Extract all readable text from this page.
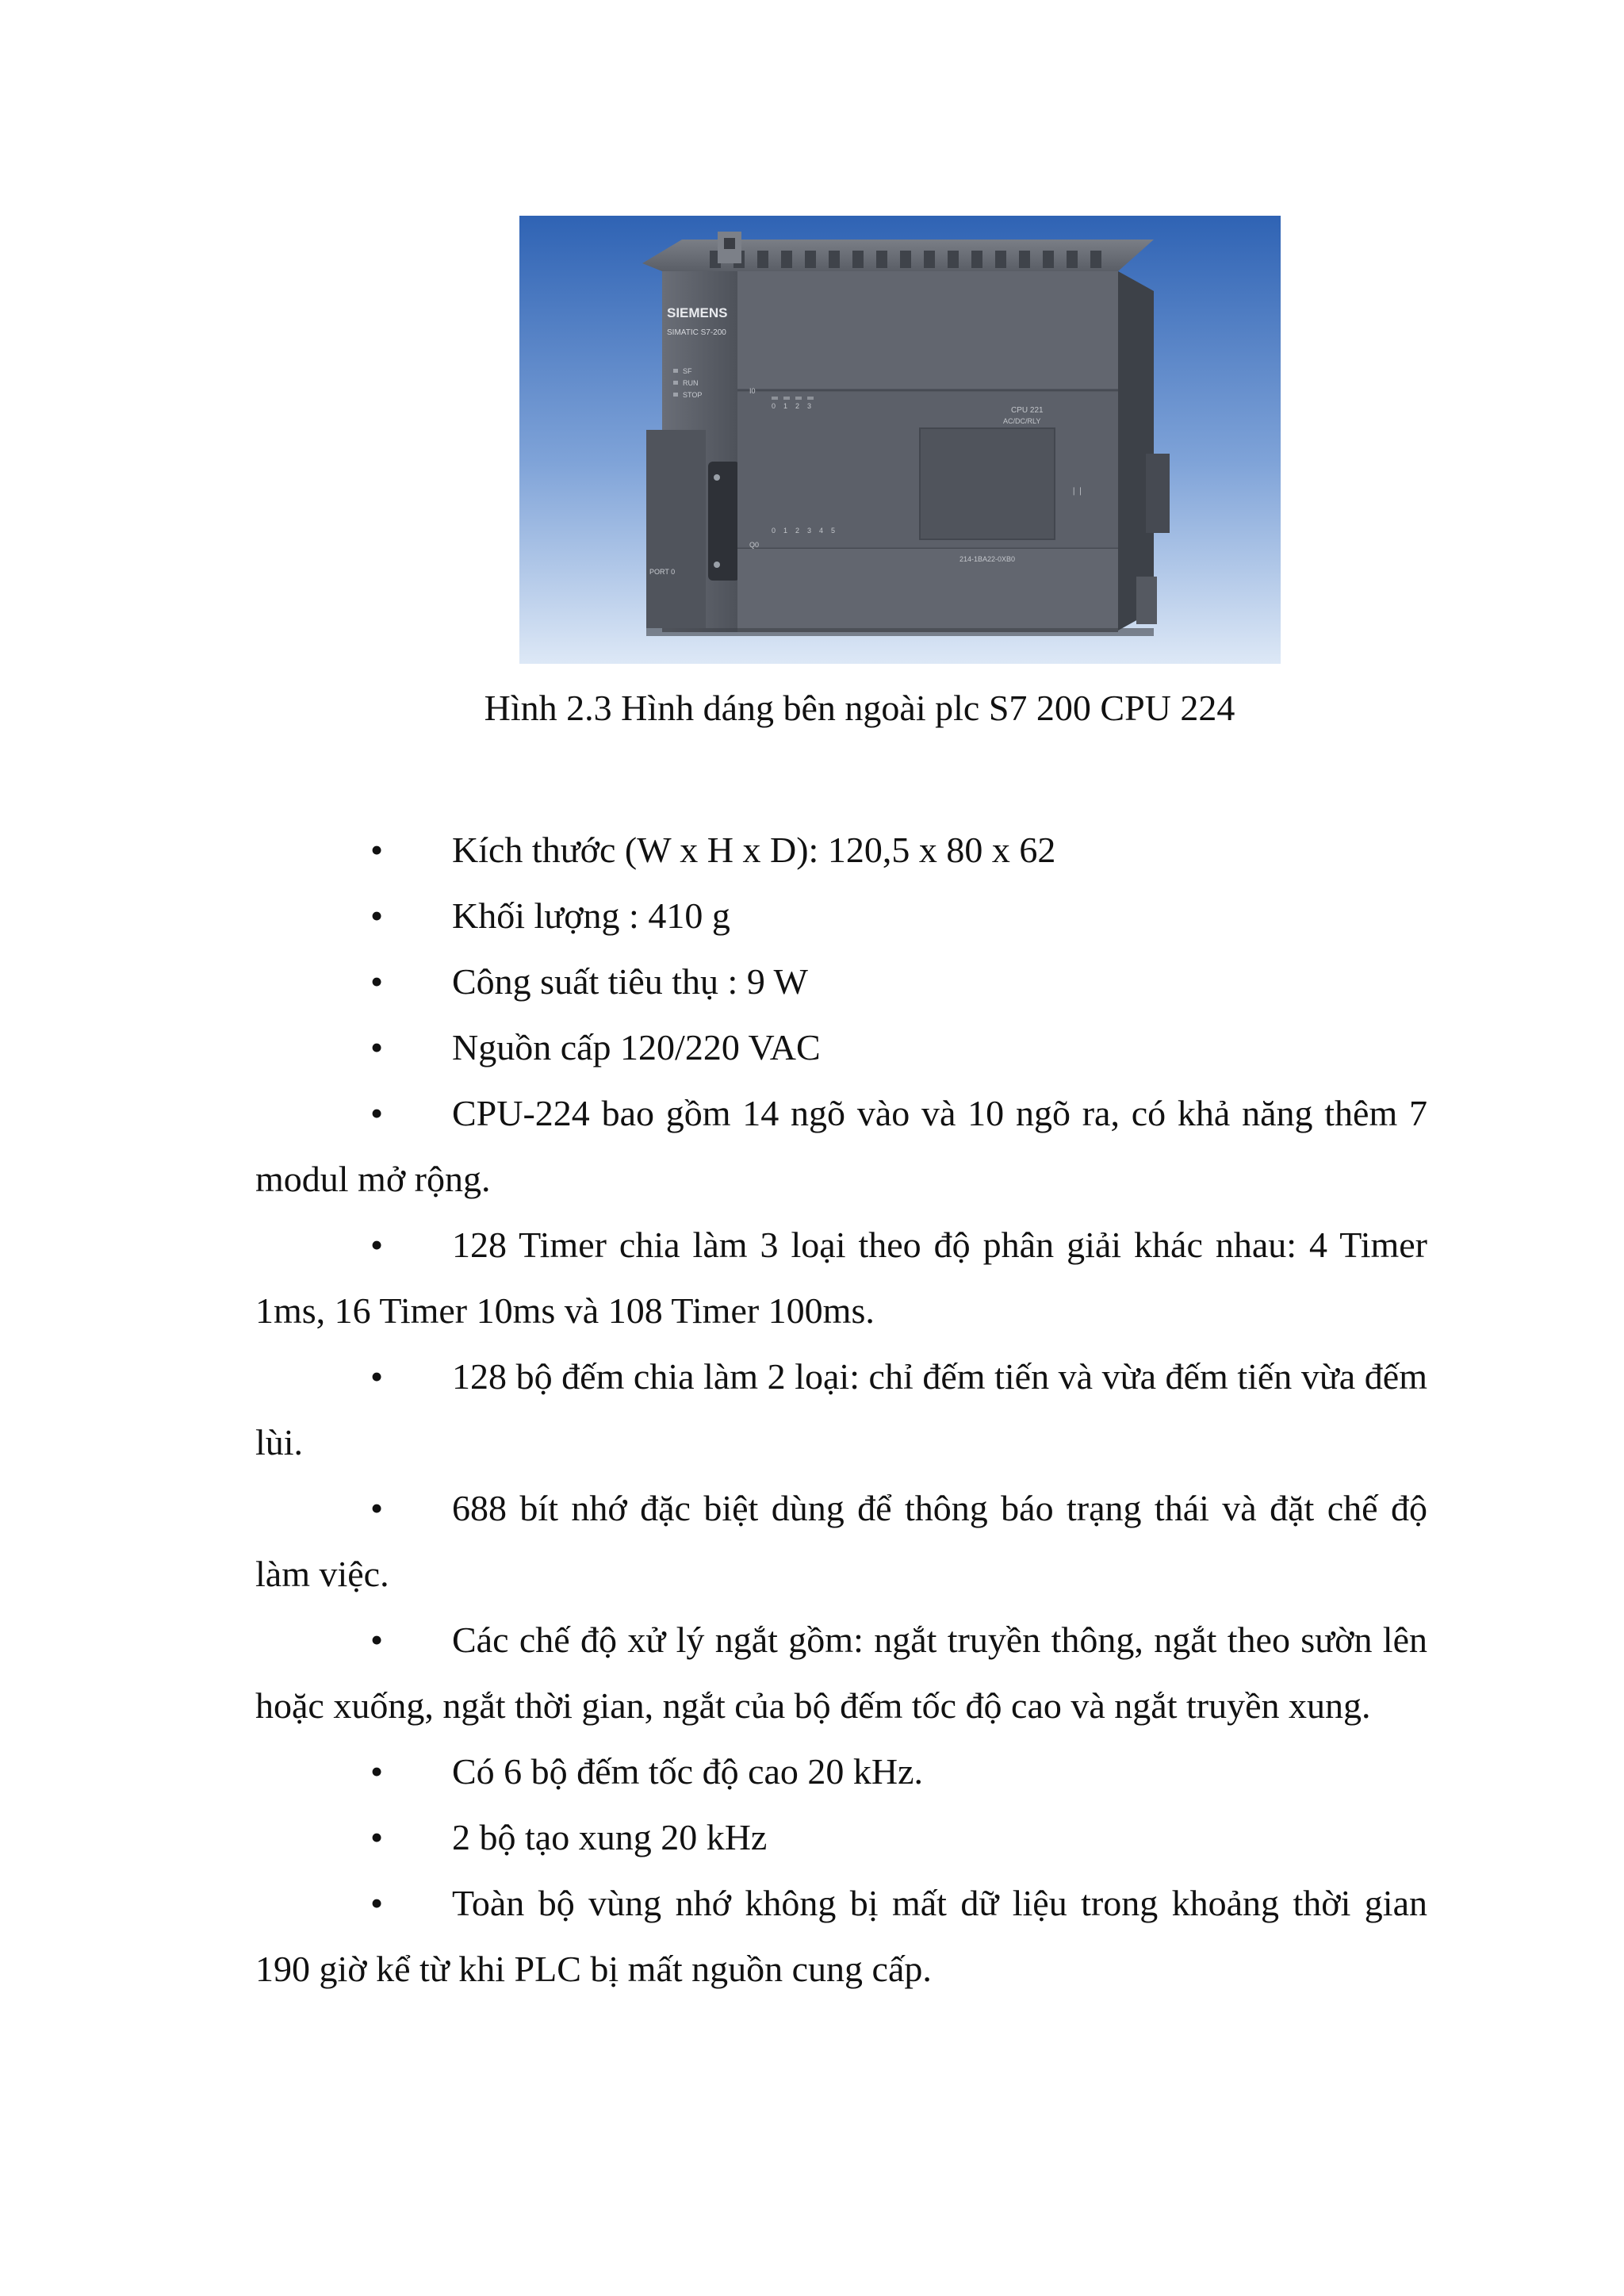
SIEMENS
SIMATIC S7-200
SF
RUN
STOP
PORT 0
I0
0 1 2 3	CPU 221
AC/DC/RLY
❘❘
Q0
0 1 2 3 4 5
214-1BA22-0XB0
Hình 2.3 Hình dáng bên ngoài plc S7 200 CPU 224
•	Kích thước (W x H x D): 120,5 x 80 x 62
•	Khối lượng : 410 g
•	Công suất tiêu thụ : 9 W
•	Nguồn cấp 120/220 VAC
•	CPU-224 bao gồm 14 ngõ vào và 10 ngõ ra, có khả năng thêm 7 modul mở rộng.
•	128 Timer chia làm 3 loại theo độ phân giải khác nhau: 4 Timer 1ms, 16 Timer 10ms và 108 Timer 100ms.
•	128 bộ đếm chia làm 2 loại: chỉ đếm tiến và vừa đếm tiến vừa đếm lùi.
•	688 bít nhớ đặc biệt dùng để thông báo trạng thái và đặt chế độ làm việc.
•	Các chế độ xử lý ngắt gồm: ngắt truyền thông, ngắt theo sườn lên hoặc xuống, ngắt thời gian, ngắt của bộ đếm tốc độ cao và ngắt truyền xung.
•	Có 6 bộ đếm tốc độ cao 20 kHz.
•	2 bộ tạo xung 20 kHz
•	Toàn bộ vùng nhớ không bị mất dữ liệu trong khoảng thời gian 190 giờ kể từ khi PLC bị mất nguồn cung cấp.
